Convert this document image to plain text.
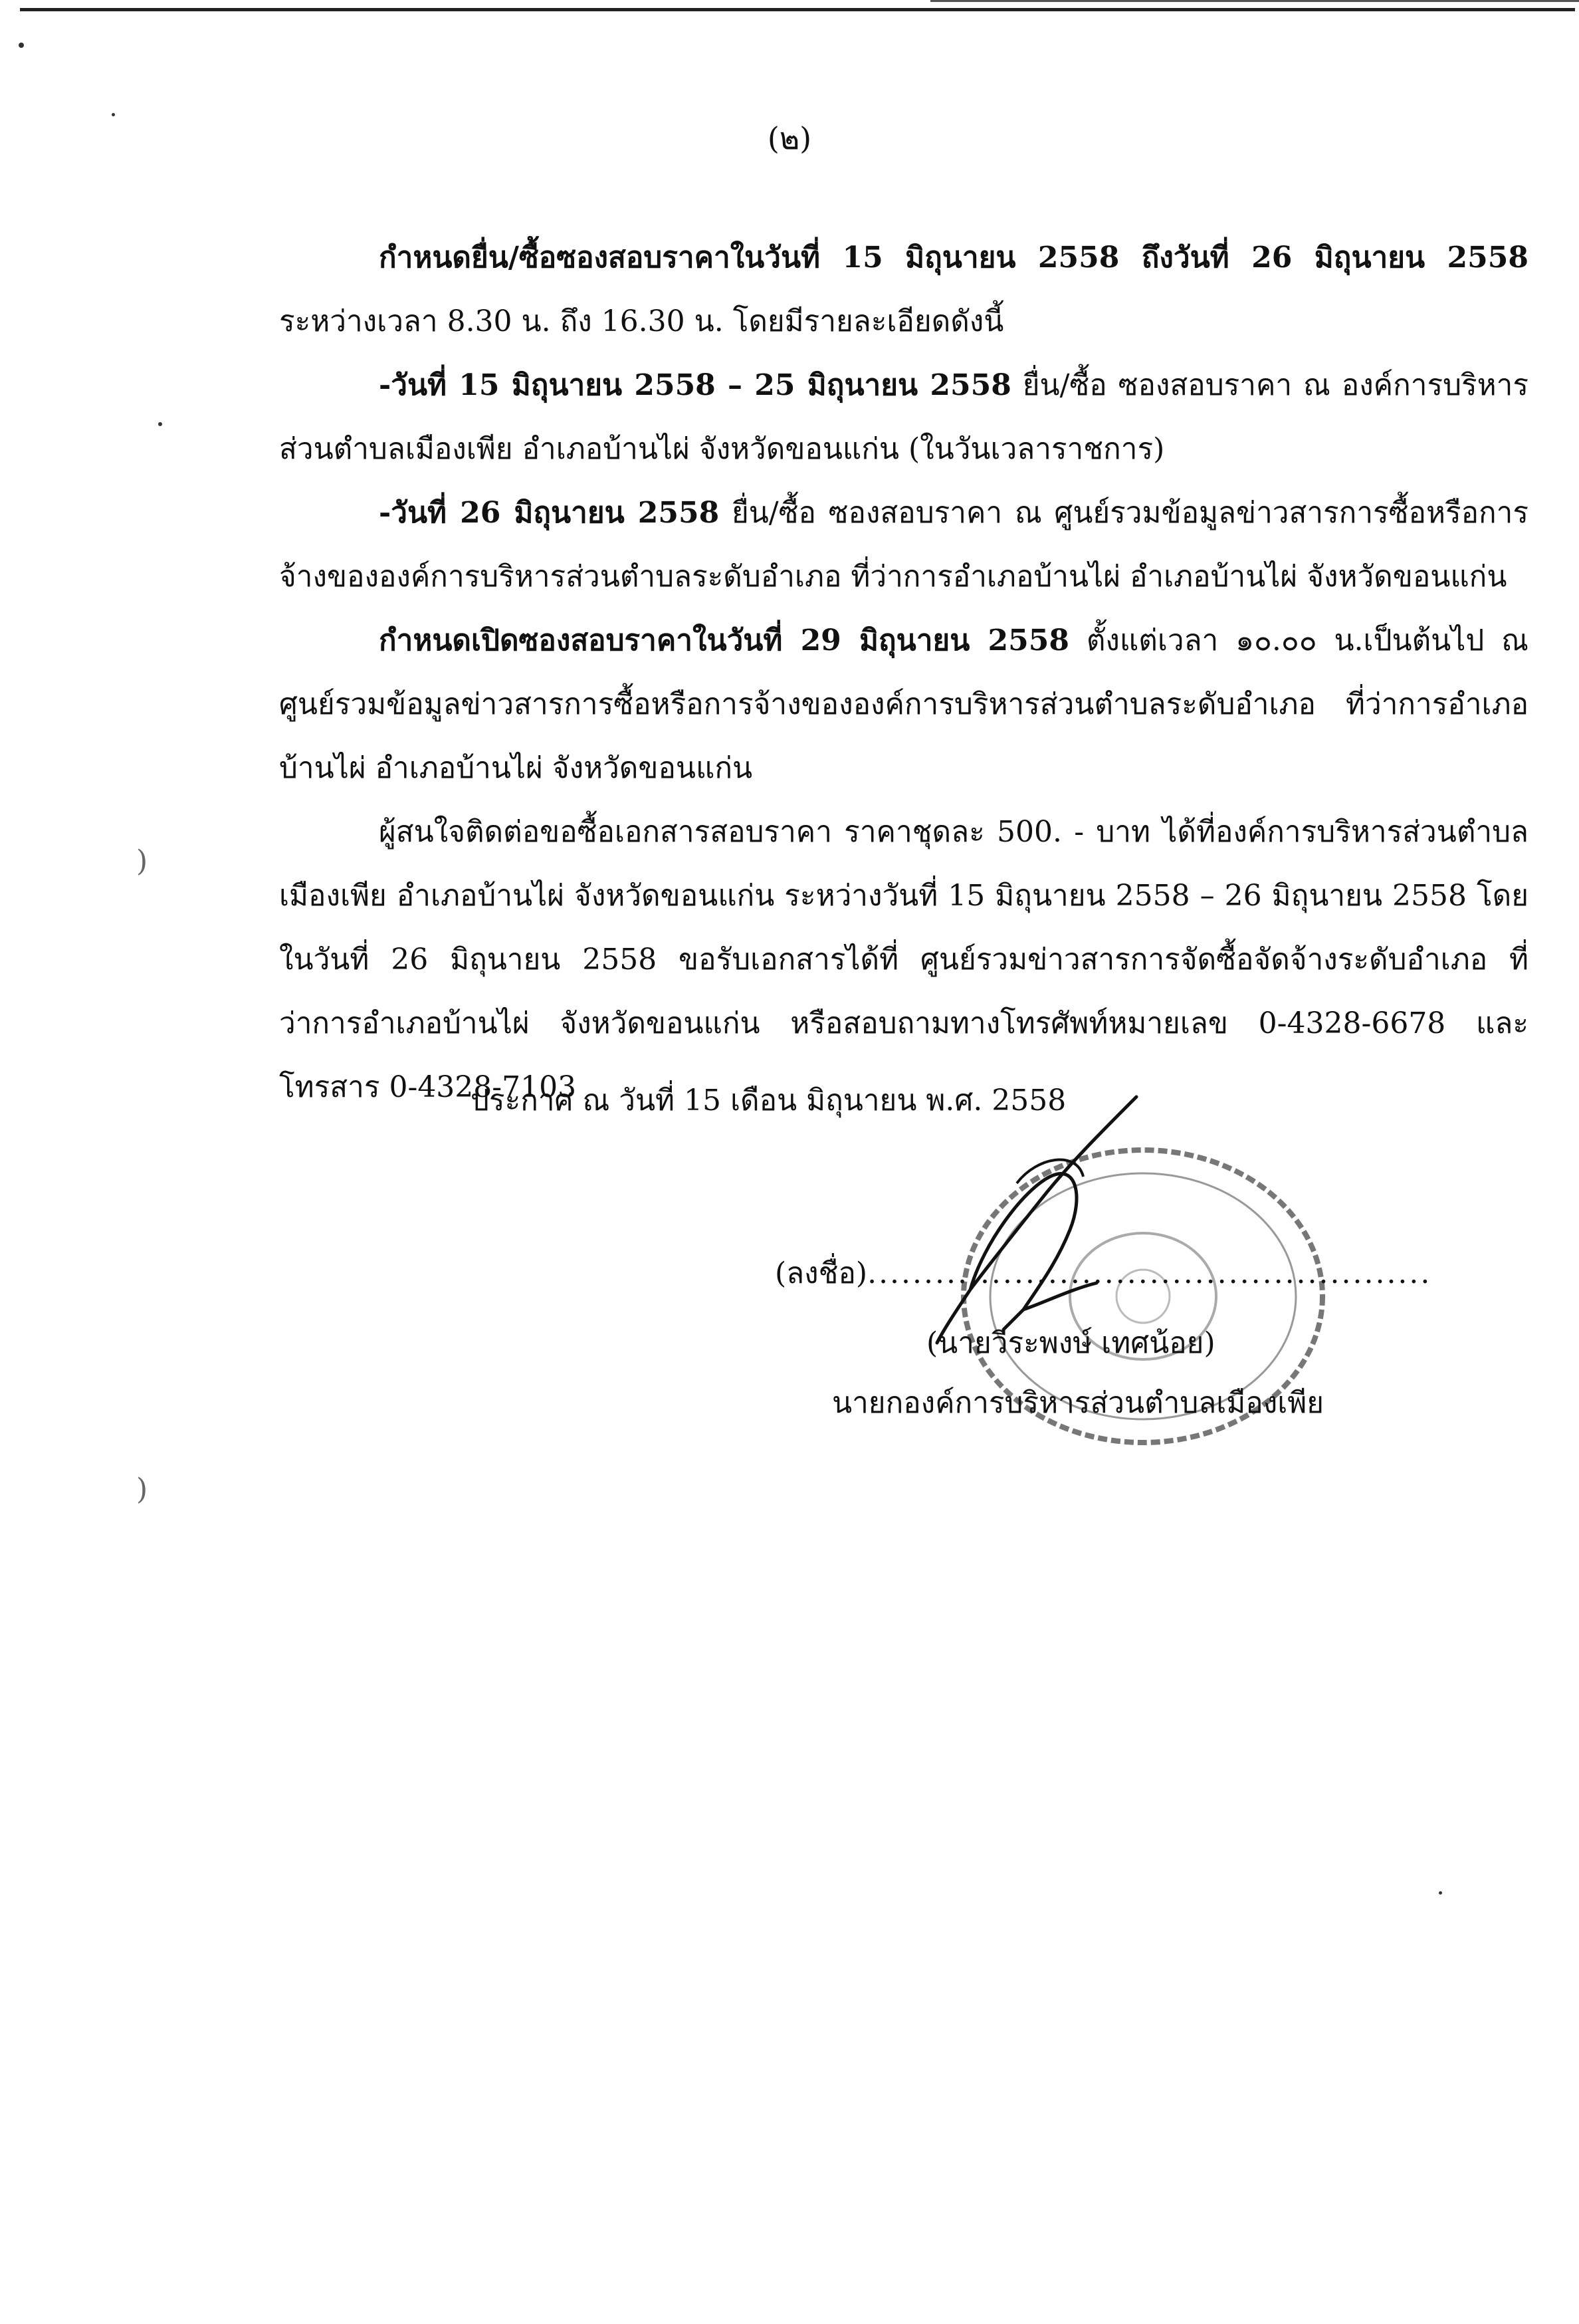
)
)
(๒)

กำหนดยื่น/ซื้อซองสอบราคาในวันที่ 15 มิถุนายน 2558 ถึงวันที่ 26 มิถุนายน 2558 ระหว่างเวลา 8.30 น. ถึง 16.30 น. โดยมีรายละเอียดดังนี้

-วันที่ 15 มิถุนายน 2558 – 25 มิถุนายน 2558 ยื่น/ซื้อ ซองสอบราคา ณ องค์การบริหารส่วนตำบลเมืองเพีย อำเภอบ้านไผ่ จังหวัดขอนแก่น (ในวันเวลาราชการ)

-วันที่ 26 มิถุนายน 2558 ยื่น/ซื้อ ซองสอบราคา ณ ศูนย์รวมข้อมูลข่าวสารการซื้อหรือการจ้างขององค์การบริหารส่วนตำบลระดับอำเภอ ที่ว่าการอำเภอบ้านไผ่ อำเภอบ้านไผ่ จังหวัดขอนแก่น

กำหนดเปิดซองสอบราคาในวันที่ 29 มิถุนายน 2558 ตั้งแต่เวลา ๑๐.๐๐ น.เป็นต้นไป ณ ศูนย์รวมข้อมูลข่าวสารการซื้อหรือการจ้างขององค์การบริหารส่วนตำบลระดับอำเภอ ที่ว่าการอำเภอบ้านไผ่ อำเภอบ้านไผ่ จังหวัดขอนแก่น

ผู้สนใจติดต่อขอซื้อเอกสารสอบราคา ราคาชุดละ 500. - บาท ได้ที่องค์การบริหารส่วนตำบลเมืองเพีย อำเภอบ้านไผ่ จังหวัดขอนแก่น ระหว่างวันที่ 15 มิถุนายน 2558 – 26 มิถุนายน 2558 โดยในวันที่ 26 มิถุนายน 2558 ขอรับเอกสารได้ที่ ศูนย์รวมข่าวสารการจัดซื้อจัดจ้างระดับอำเภอ ที่ว่าการอำเภอบ้านไผ่ จังหวัดขอนแก่น หรือสอบถามทางโทรศัพท์หมายเลข 0-4328-6678 และโทรสาร 0-4328-7103

ประกาศ ณ วันที่ 15 เดือน มิถุนายน พ.ศ. 2558
(ลงชื่อ)..................................................
(นายวีระพงษ์ เทศน้อย)
นายกองค์การบริหารส่วนตำบลเมืองเพีย
